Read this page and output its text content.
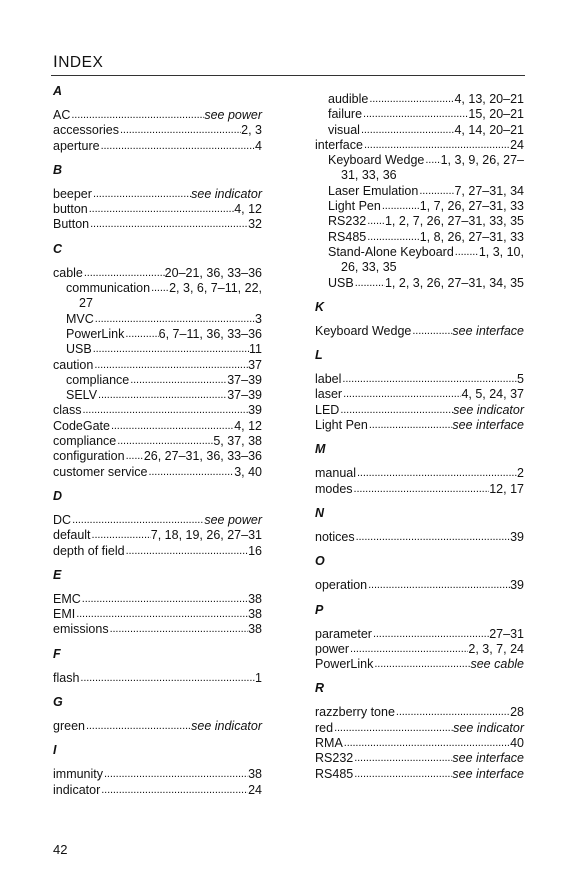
INDEX
A
AC . . .	see power
accessories . . .	2, 3
aperture . . .	4
B
beeper . . .	see indicator
button . . .	4, 12
Button . . .	32
C
cable . . .	20–21, 36, 33–36
communication . . . 2, 3, 6, 7–11, 22,
27
MVC . . .	3
PowerLink . . .	6, 7–11, 36, 33–36
USB . . .	11
caution . . .	37
compliance . . .	37–39
SELV . . .	37–39
class . . .	39
CodeGate . . .	4, 12
compliance . . .	5, 37, 38
configuration . . . 26, 27–31, 36, 33–36
customer service . . .	3, 40
D
DC . . .	see power
default . . .	7, 18, 19, 26, 27–31
depth of field . . .	16
E
EMC . . .	38
EMI . . .	38
emissions . . .	38
F
flash . . .	1
G
green . . .	see indicator
I
immunity . . .	38
indicator . . .	24
audible . . .	4, 13, 20–21
failure . . .	15, 20–21
visual . . .	4, 14, 20–21
interface . . .	24
Keyboard Wedge . . . 1, 3, 9, 26, 27–
31, 33, 36
Laser Emulation . . .	7, 27–31, 34
Light Pen . . .	1, 7, 26, 27–31, 33
RS232 . . . 1, 2, 7, 26, 27–31, 33, 35
RS485 . . .	1, 8, 26, 27–31, 33
Stand-Alone Keyboard . . . 1, 3, 10,
26, 33, 35
USB . . .	1, 2, 3, 26, 27–31, 34, 35
K
Keyboard Wedge . . .	see interface
L
label . . .	5
laser . . .	4, 5, 24, 37
LED . . .	see indicator
Light Pen . . .	see interface
M
manual . . .	2
modes . . .	12, 17
N
notices . . .	39
O
operation . . .	39
P
parameter . . .	27–31
power . . .	2, 3, 7, 24
PowerLink . . .	see cable
R
razzberry tone . . .	28
red . . .	see indicator
RMA . . .	40
RS232 . . .	see interface
RS485 . . .	see interface
42
